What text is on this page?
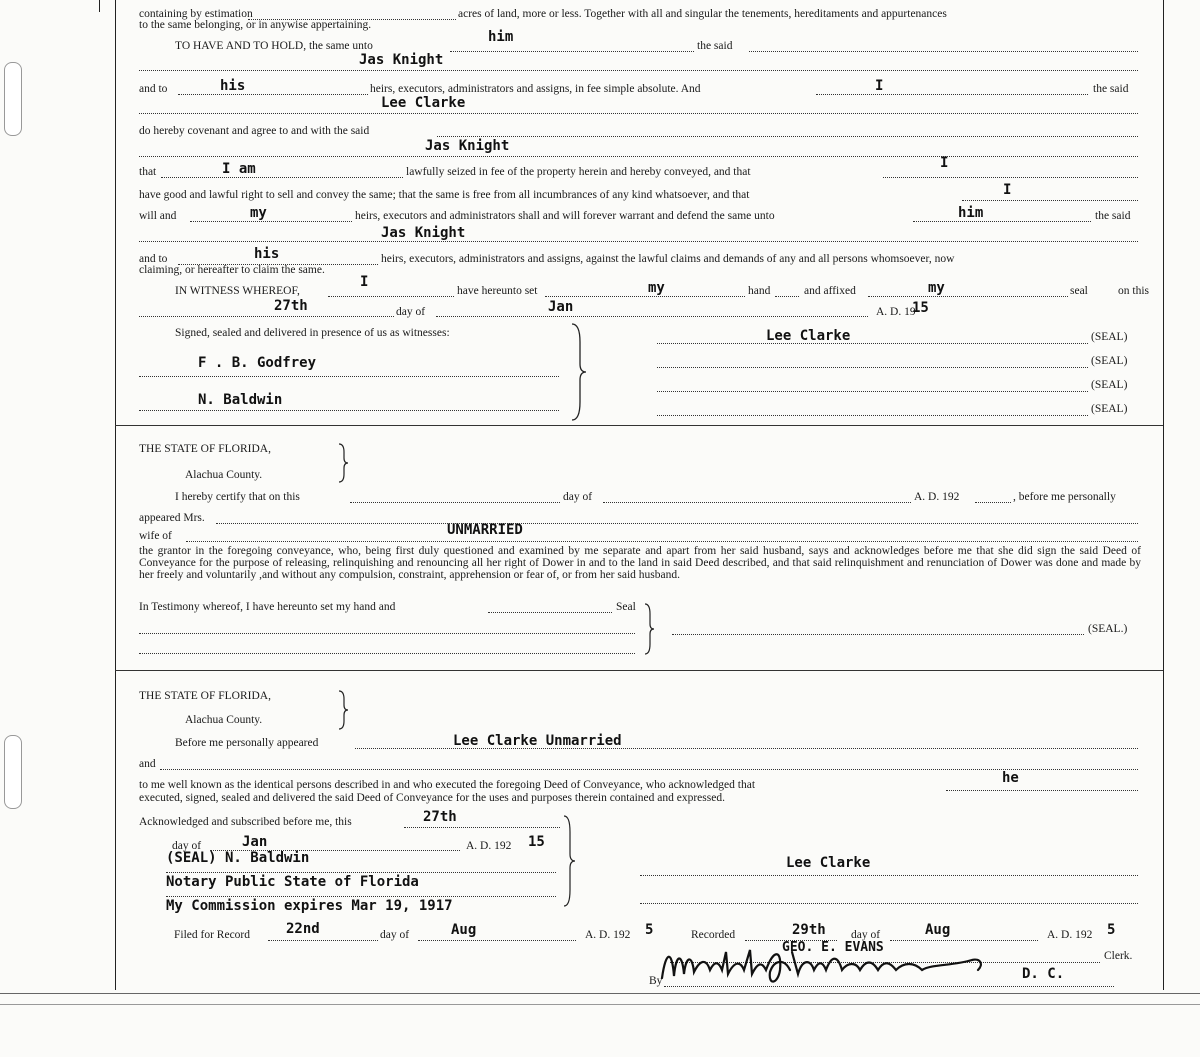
containing by estimation	acres of land, more or less. Together with all and singular the tenements, hereditaments and appurtenances
to the same belonging, or in anywise appertaining.
TO HAVE AND TO HOLD, the same unto
him
the said
Jas Knight
and to	his	heirs, executors, administrators and assigns, in fee simple absolute. And	I	the said
Lee Clarke
do hereby covenant and agree to and with the said
Jas Knight
that	I am	lawfully seized in fee of the property herein and hereby conveyed, and that
I
have good and lawful right to sell and convey the same; that the same is free from all incumbrances of any kind whatsoever, and that	I
will and	my	heirs, executors and administrators shall and will forever warrant and defend the same unto	him	the said
Jas Knight
and to	his	heirs, executors, administrators and assigns, against the lawful claims and demands of any and all persons whomsoever, now
claiming, or hereafter to claim the same.
IN WITNESS WHEREOF,
I
have hereunto set	my	hand	and affixed	my	seal	on this
27th	day of	Jan	A. D. 19
15
Signed, sealed and delivered in presence of us as witnesses:
F . B. Godfrey
N. Baldwin
Lee Clarke	(SEAL)
(SEAL)
(SEAL)
(SEAL)
THE STATE OF FLORIDA,
Alachua County.
I hereby certify that on this	day of	A. D. 192	, before me personally
appeared Mrs.
UNMARRIED
wife of
the grantor in the foregoing conveyance, who, being first duly questioned and examined by me separate and apart from her said husband, says and acknowledges before me that she did sign the said Deed of Conveyance for the purpose of releasing, relinquishing and renouncing all her right of Dower in and to the land in said Deed described, and that said relinquishment and renunciation of Dower was done and made by her freely and voluntarily ,and without any compulsion, constraint, apprehension or fear of, or from her said husband.
In Testimony whereof, I have hereunto set my hand and	Seal
(SEAL.)
THE STATE OF FLORIDA,
Alachua County.
Before me personally appeared	Lee Clarke Unmarried
and
to me well known as the identical persons described in and who executed the foregoing Deed of Conveyance, who acknowledged that	he
executed, signed, sealed and delivered the said Deed of Conveyance for the uses and purposes therein contained and expressed.
Acknowledged and subscribed before me, this	27th
day of	Jan	A. D. 192 15
(SEAL) N. Baldwin
Notary Public State of Florida
My Commission expires Mar 19, 1917
Lee Clarke
Filed for Record	22nd	day of	Aug	A. D. 192 5	Recorded	29th day of	Aug	A. D. 192 5
GEO. E. EVANS
Clerk.
By	D. C.
